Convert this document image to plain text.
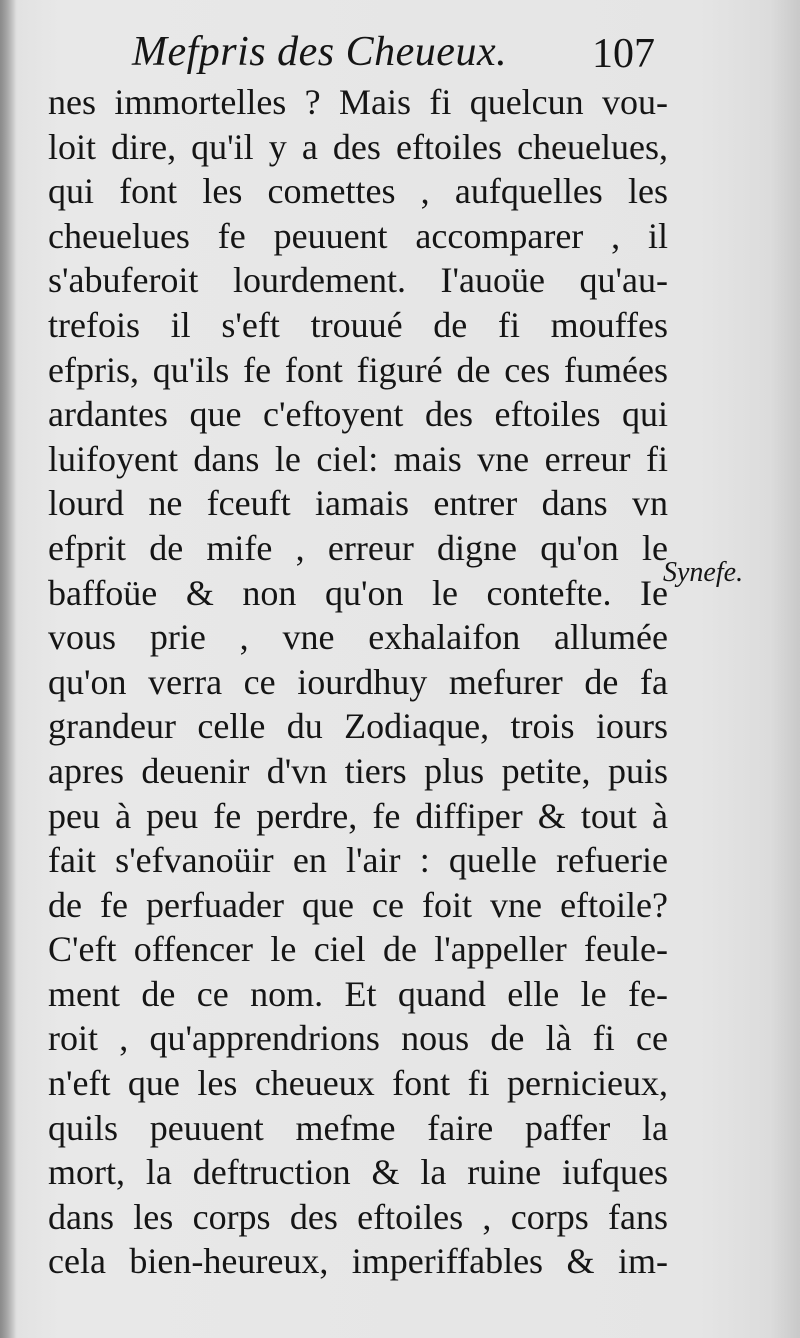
Mefpris des Cheueux. 107
nes immortelles ? Mais fi quelcun vou-
loit dire, qu'il y a des eftoiles cheuelues,
qui font les comettes , aufquelles les
cheuelues fe peuuent accomparer , il
s'abuferoit lourdement. I'auoüe qu'au-
trefois il s'eft trouué de fi mouffes
efpris, qu'ils fe font figuré de ces fumées
ardantes que c'eftoyent des eftoiles qui
luifoyent dans le ciel: mais vne erreur fi
lourd ne fceuft iamais entrer dans vn
efprit de mife , erreur digne qu'on le
baffoüe & non qu'on le contefte. Ie
vous prie , vne exhalaifon allumée
qu'on verra ce iourdhuy mefurer de fa
grandeur celle du Zodiaque, trois iours
apres deuenir d'vn tiers plus petite, puis
peu à peu fe perdre, fe diffiper & tout à
fait s'efvanoüir en l'air : quelle refuerie
de fe perfuader que ce foit vne eftoile?
C'eft offencer le ciel de l'appeller feule-
ment de ce nom. Et quand elle le fe-
roit , qu'apprendrions nous de là fi ce
n'eft que les cheueux font fi pernicieux,
quils peuuent mefme faire paffer la
mort, la deftruction & la ruine iufques
dans les corps des eftoiles , corps fans
cela bien-heureux, imperiffables & im-
Synefe.
